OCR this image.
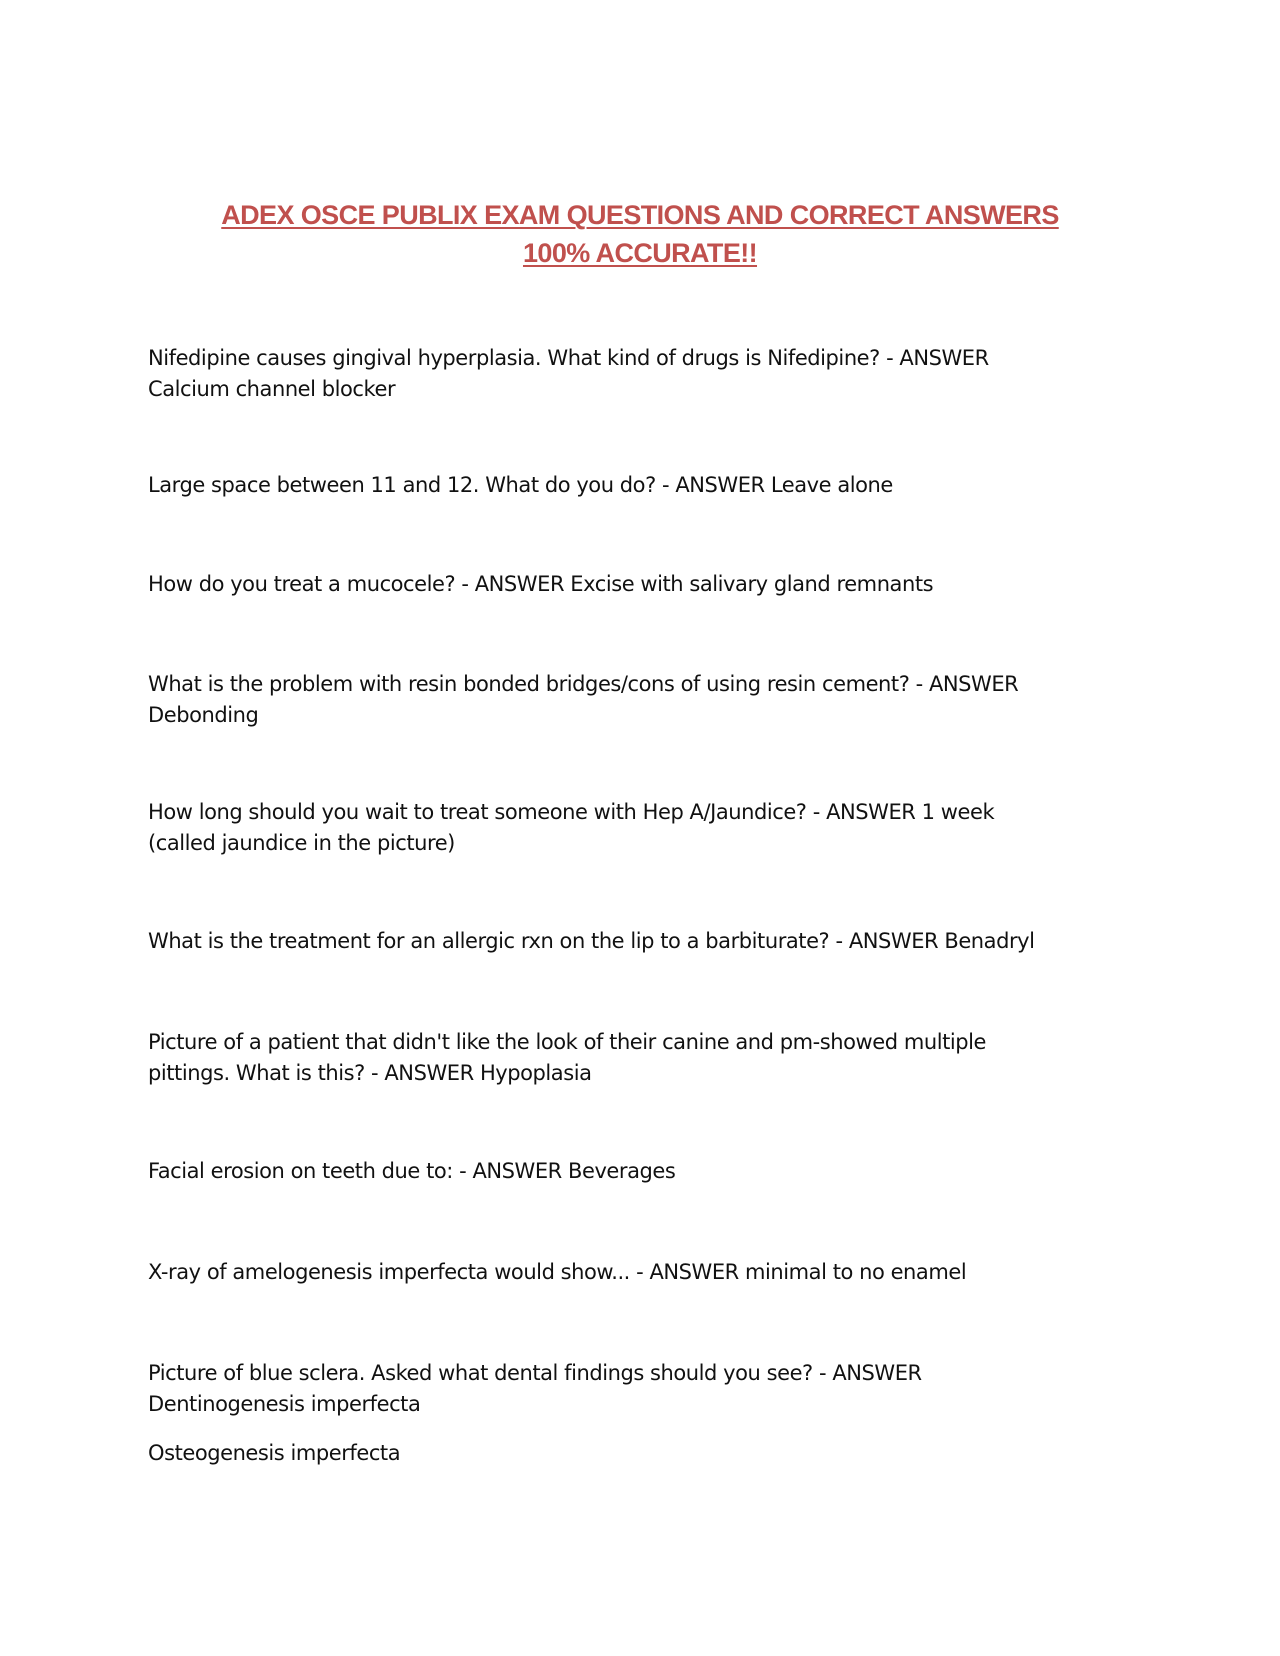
ADEX OSCE PUBLIX EXAM QUESTIONS AND CORRECT ANSWERS
100% ACCURATE!!
Nifedipine causes gingival hyperplasia. What kind of drugs is Nifedipine? - ANSWER
Calcium channel blocker
Large space between 11 and 12. What do you do? - ANSWER Leave alone
How do you treat a mucocele? - ANSWER Excise with salivary gland remnants
What is the problem with resin bonded bridges/cons of using resin cement? - ANSWER
Debonding
How long should you wait to treat someone with Hep A/Jaundice? - ANSWER 1 week
(called jaundice in the picture)
What is the treatment for an allergic rxn on the lip to a barbiturate? - ANSWER Benadryl
Picture of a patient that didn't like the look of their canine and pm-showed multiple
pittings. What is this? - ANSWER Hypoplasia
Facial erosion on teeth due to: - ANSWER Beverages
X-ray of amelogenesis imperfecta would show... - ANSWER minimal to no enamel
Picture of blue sclera. Asked what dental findings should you see? - ANSWER
Dentinogenesis imperfecta
Osteogenesis imperfecta
